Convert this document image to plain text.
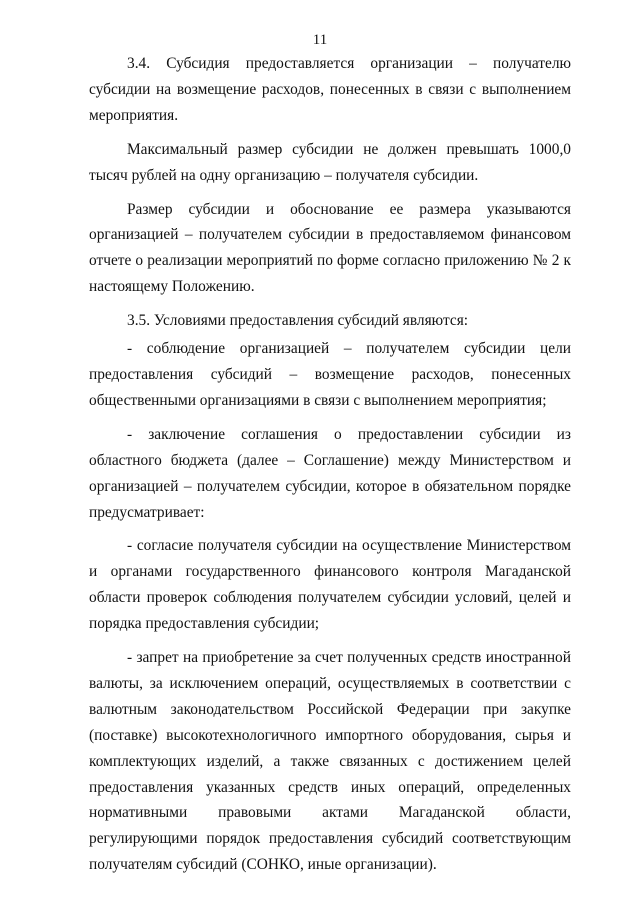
11

3.4. Субсидия предоставляется организации – получателю субсидии на возмещение расходов, понесенных в связи с выполнением мероприятия.

Максимальный размер субсидии не должен превышать 1000,0 тысяч рублей на одну организацию – получателя субсидии.

Размер субсидии и обоснование ее размера указываются организацией – получателем субсидии в предоставляемом финансовом отчете о реализации мероприятий по форме согласно приложению № 2 к настоящему Положению.

3.5. Условиями предоставления субсидий являются:

- соблюдение организацией – получателем субсидии цели предоставления субсидий – возмещение расходов, понесенных общественными организациями в связи с выполнением мероприятия;

- заключение соглашения о предоставлении субсидии из областного бюджета (далее – Соглашение) между Министерством и организацией – получателем субсидии, которое в обязательном порядке предусматривает:

- согласие получателя субсидии на осуществление Министерством и органами государственного финансового контроля Магаданской области проверок соблюдения получателем субсидии условий, целей и порядка предоставления субсидии;

- запрет на приобретение за счет полученных средств иностранной валюты, за исключением операций, осуществляемых в соответствии с валютным законодательством Российской Федерации при закупке (поставке) высокотехнологичного импортного оборудования, сырья и комплектующих изделий, а также связанных с достижением целей предоставления указанных средств иных операций, определенных нормативными правовыми актами Магаданской области, регулирующими порядок предоставления субсидий соответствующим получателям субсидий (СОНКО, иные организации).
